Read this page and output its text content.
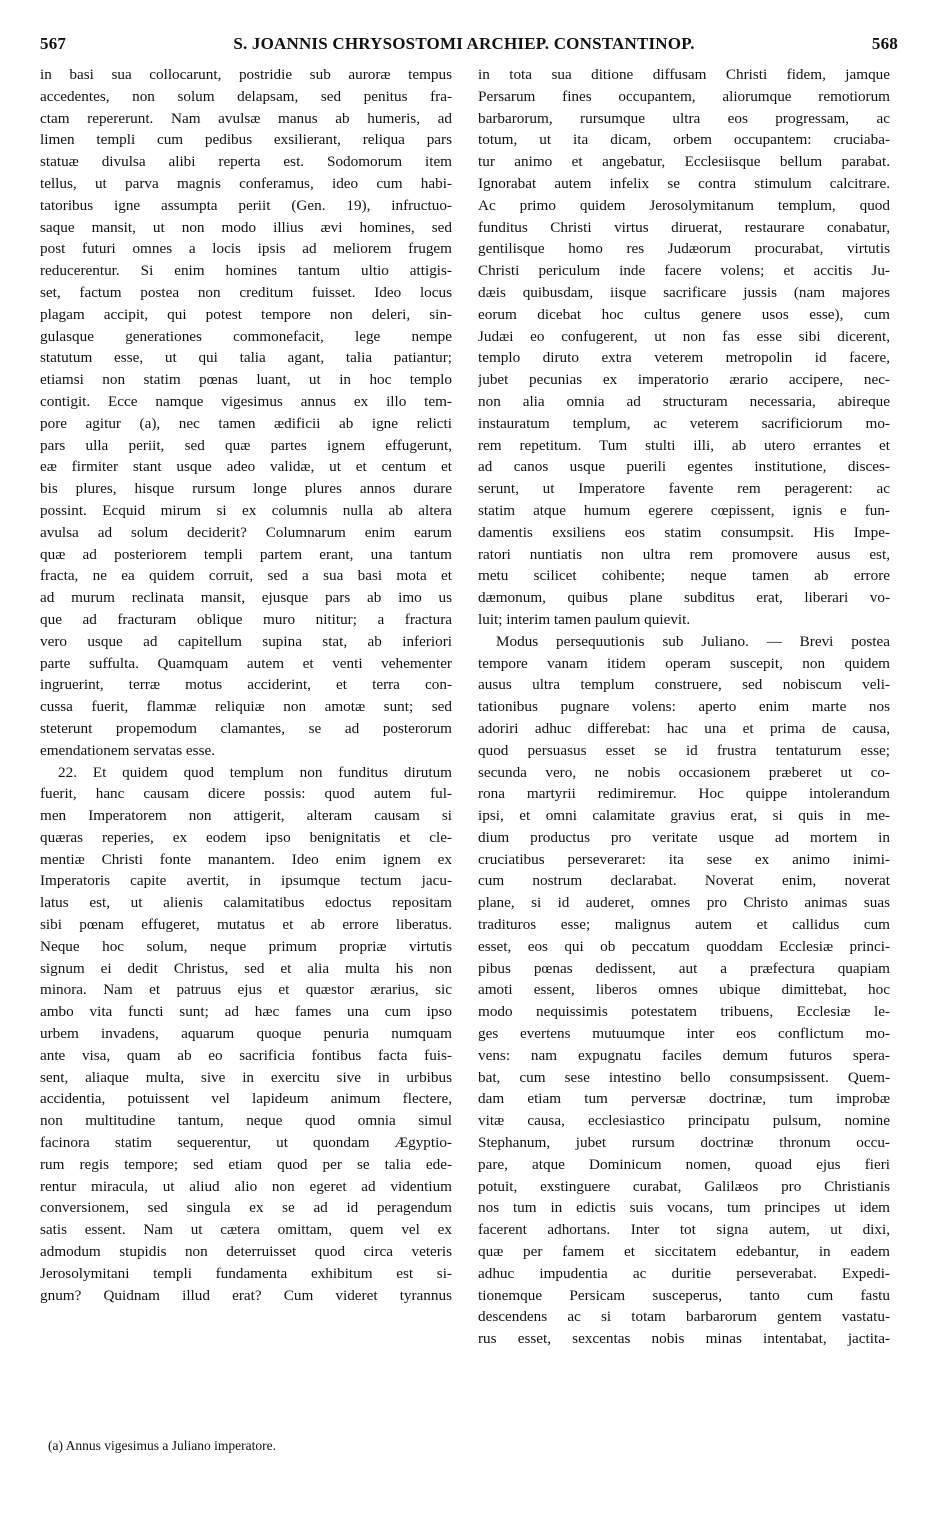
567	S. JOANNIS CHRYSOSTOMI ARCHIEP. CONSTANTINOP.	568
in basi sua collocarunt, postridie sub auroræ tempus
accedentes, non solum delapsam, sed penitus fra-
ctam repererunt. Nam avulsæ manus ab humeris, ad
limen templi cum pedibus exsilierant, reliqua pars
statuæ divulsa alibi reperta est. Sodomorum item
tellus, ut parva magnis conferamus, ideo cum habi-
tatoribus igne assumpta periit (Gen. 19), infructuo-
saque mansit, ut non modo illius ævi homines, sed
post futuri omnes a locis ipsis ad meliorem frugem
reducerentur. Si enim homines tantum ultio attigis-
set, factum postea non creditum fuisset. Ideo locus
plagam accipit, qui potest tempore non deleri, sin-
gulasque generationes commonefacit, lege nempe
statutum esse, ut qui talia agant, talia patiantur;
etiamsi non statim pœnas luant, ut in hoc templo
contigit. Ecce namque vigesimus annus ex illo tem-
pore agitur (a), nec tamen ædificii ab igne relicti
pars ulla periit, sed quæ partes ignem effugerunt,
eæ firmiter stant usque adeo validæ, ut et centum et
bis plures, hisque rursum longe plures annos durare
possint. Ecquid mirum si ex columnis nulla ab altera
avulsa ad solum deciderit? Columnarum enim earum
quæ ad posteriorem templi partem erant, una tantum
fracta, ne ea quidem corruit, sed a sua basi mota et
ad murum reclinata mansit, ejusque pars ab imo us
que ad fracturam oblique muro nititur; a fractura
vero usque ad capitellum supina stat, ab inferiori
parte suffulta. Quamquam autem et venti vehementer
ingruerint, terræ motus acciderint, et terra con-
cussa fuerit, flammæ reliquiæ non amotæ sunt; sed
steterunt propemodum clamantes, se ad posterorum
emendationem servatas esse.
22. Et quidem quod templum non funditus dirutum
fuerit, hanc causam dicere possis: quod autem ful-
men Imperatorem non attigerit, alteram causam si
quæras reperies, ex eodem ipso benignitatis et cle-
mentiæ Christi fonte manantem. Ideo enim ignem ex
Imperatoris capite avertit, in ipsumque tectum jacu-
latus est, ut alienis calamitatibus edoctus repositam
sibi pœnam effugeret, mutatus et ab errore liberatus.
Neque hoc solum, neque primum propriæ virtutis
signum ei dedit Christus, sed et alia multa his non
minora. Nam et patruus ejus et quæstor ærarius, sic
ambo vita functi sunt; ad hæc fames una cum ipso
urbem invadens, aquarum quoque penuria numquam
ante visa, quam ab eo sacrificia fontibus facta fuis-
sent, aliaque multa, sive in exercitu sive in urbibus
accidentia, potuissent vel lapideum animum flectere,
non multitudine tantum, neque quod omnia simul
facinora statim sequerentur, ut quondam Ægyptio-
rum regis tempore; sed etiam quod per se talia ede-
rentur miracula, ut aliud alio non egeret ad videntium
conversionem, sed singula ex se ad id peragendum
satis essent. Nam ut cætera omittam, quem vel ex
admodum stupidis non deterruisset quod circa veteris
Jerosolymitani templi fundamenta exhibitum est si-
gnum? Quidnam illud erat? Cum videret tyrannus
in tota sua ditione diffusam Christi fidem, jamque
Persarum fines occupantem, aliorumque remotiorum
barbarorum, rursumque ultra eos progressam, ac
totum, ut ita dicam, orbem occupantem: cruciaba-
tur animo et angebatur, Ecclesiisque bellum parabat.
Ignorabat autem infelix se contra stimulum calcitrare.
Ac primo quidem Jerosolymitanum templum, quod
funditus Christi virtus diruerat, restaurare conabatur,
gentilisque homo res Judæorum procurabat, virtutis
Christi periculum inde facere volens; et accitis Ju-
dæis quibusdam, iisque sacrificare jussis (nam majores
eorum dicebat hoc cultus genere usos esse), cum
Judæi eo confugerent, ut non fas esse sibi dicerent,
templo diruto extra veterem metropolin id facere,
jubet pecunias ex imperatorio ærario accipere, nec-
non alia omnia ad structuram necessaria, abireque
instauratum templum, ac veterem sacrificiorum mo-
rem repetitum. Tum stulti illi, ab utero errantes et
ad canos usque puerili egentes institutione, disces-
serunt, ut Imperatore favente rem peragerent: ac
statim atque humum egerere cœpissent, ignis e fun-
damentis exsiliens eos statim consumpsit. His Impe-
ratori nuntiatis non ultra rem promovere ausus est,
metu scilicet cohibente; neque tamen ab errore
dæmonum, quibus plane subditus erat, liberari vo-
luit; interim tamen paulum quievit.
Modus persequutionis sub Juliano. — Brevi postea
tempore vanam itidem operam suscepit, non quidem
ausus ultra templum construere, sed nobiscum veli-
tationibus pugnare volens: aperto enim marte nos
adoriri adhuc differebat: hac una et prima de causa,
quod persuasus esset se id frustra tentaturum esse;
secunda vero, ne nobis occasionem præberet ut co-
rona martyrii redimiremur. Hoc quippe intolerandum
ipsi, et omni calamitate gravius erat, si quis in me-
dium productus pro veritate usque ad mortem in
cruciatibus perseveraret: ita sese ex animo inimi-
cum nostrum declarabat. Noverat enim, noverat
plane, si id auderet, omnes pro Christo animas suas
tradituros esse; malignus autem et callidus cum
esset, eos qui ob peccatum quoddam Ecclesiæ princi-
pibus pœnas dedissent, aut a præfectura quapiam
amoti essent, liberos omnes ubique dimittebat, hoc
modo nequissimis potestatem tribuens, Ecclesiæ le-
ges evertens mutuumque inter eos conflictum mo-
vens: nam expugnatu faciles demum futuros spera-
bat, cum sese intestino bello consumpsissent. Quem-
dam etiam tum perversæ doctrinæ, tum improbæ
vitæ causa, ecclesiastico principatu pulsum, nomine
Stephanum, jubet rursum doctrinæ thronum occu-
pare, atque Dominicum nomen, quoad ejus fieri
potuit, exstinguere curabat, Galilæos pro Christianis
nos tum in edictis suis vocans, tum principes ut idem
facerent adhortans. Inter tot signa autem, ut dixi,
quæ per famem et siccitatem edebantur, in eadem
adhuc impudentia ac duritie perseverabat. Expedi-
tionemque Persicam susceperus, tanto cum fastu
descendens ac si totam barbarorum gentem vastatu-
rus esset, sexcentas nobis minas intentabat, jactita-
(a) Annus vigesimus a Juliano imperatore.
